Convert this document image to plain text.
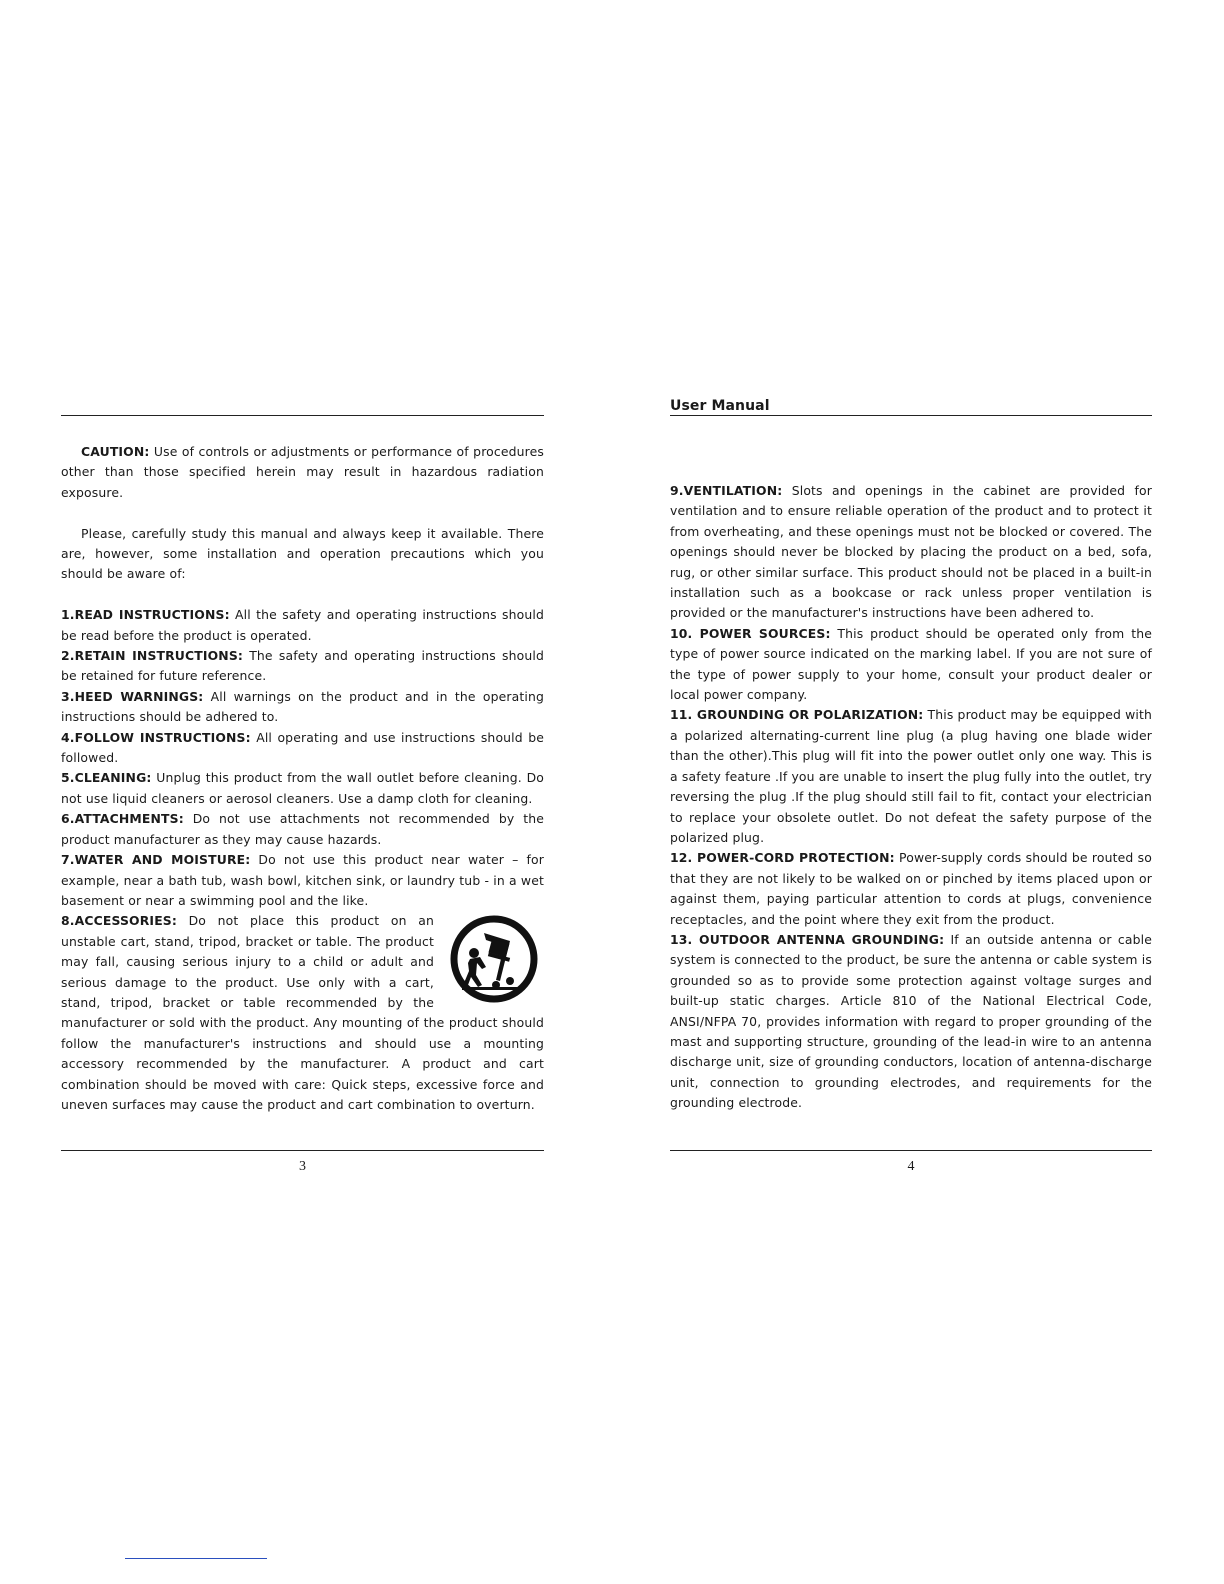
CAUTION: Use of controls or adjustments or performance of procedures other than those specified herein may result in hazardous radiation exposure.

Please, carefully study this manual and always keep it available. There are, however, some installation and operation precautions which you should be aware of:

1.READ INSTRUCTIONS: All the safety and operating instructions should be read before the product is operated.

2.RETAIN INSTRUCTIONS: The safety and operating instructions should be retained for future reference.

3.HEED WARNINGS: All warnings on the product and in the operating instructions should be adhered to.

4.FOLLOW INSTRUCTIONS: All operating and use instructions should be followed.

5.CLEANING: Unplug this product from the wall outlet before cleaning. Do not use liquid cleaners or aerosol cleaners. Use a damp cloth for cleaning.

6.ATTACHMENTS: Do not use attachments not recommended by the product manufacturer as they may cause hazards.

7.WATER AND MOISTURE: Do not use this product near water – for example, near a bath tub, wash bowl, kitchen sink, or laundry tub - in a wet basement or near a swimming pool and the like.

8.ACCESSORIES: Do not place this product on an unstable cart, stand, tripod, bracket or table. The product may fall, causing serious injury to a child or adult and serious damage to the product. Use only with a cart, stand, tripod, bracket or table recommended by the manufacturer or sold with the product. Any mounting of the product should follow the manufacturer's instructions and should use a mounting accessory recommended by the manufacturer. A product and cart combination should be moved with care: Quick steps, excessive force and uneven surfaces may cause the product and cart combination to overturn.

3
User Manual

9.VENTILATION: Slots and openings in the cabinet are provided for ventilation and to ensure reliable operation of the product and to protect it from overheating, and these openings must not be blocked or covered. The openings should never be blocked by placing the product on a bed, sofa, rug, or other similar surface. This product should not be placed in a built-in installation such as a bookcase or rack unless proper ventilation is provided or the manufacturer's instructions have been adhered to.

10. POWER SOURCES: This product should be operated only from the type of power source indicated on the marking label. If you are not sure of the type of power supply to your home, consult your product dealer or local power company.

11. GROUNDING OR POLARIZATION: This product may be equipped with a polarized alternating-current line plug (a plug having one blade wider than the other).This plug will fit into the power outlet only one way. This is a safety feature .If you are unable to insert the plug fully into the outlet, try reversing the plug .If the plug should still fail to fit, contact your electrician to replace your obsolete outlet. Do not defeat the safety purpose of the polarized plug.

12. POWER-CORD PROTECTION: Power-supply cords should be routed so that they are not likely to be walked on or pinched by items placed upon or against them, paying particular attention to cords at plugs, convenience receptacles, and the point where they exit from the product.

13. OUTDOOR ANTENNA GROUNDING: If an outside antenna or cable system is connected to the product, be sure the antenna or cable system is grounded so as to provide some protection against voltage surges and built-up static charges. Article 810 of the National Electrical Code, ANSI/NFPA 70, provides information with regard to proper grounding of the mast and supporting structure, grounding of the lead-in wire to an antenna discharge unit, size of grounding conductors, location of antenna-discharge unit, connection to grounding electrodes, and requirements for the grounding electrode.

4
